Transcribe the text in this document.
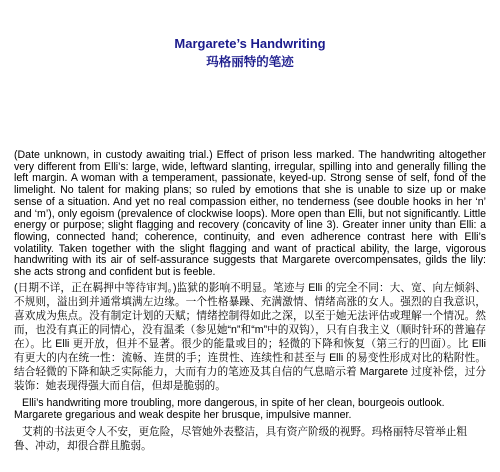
Margarete’s Handwriting
玛格丽特的笔迹

(Date unknown, in custody awaiting trial.) Effect of prison less marked. The handwriting altogether very different from Elli’s: large, wide, leftward slanting, irregular, spilling into and generally filling the left margin. A woman with a temperament, passionate, keyed-up. Strong sense of self, fond of the limelight. No talent for making plans; so ruled by emotions that she is unable to size up or make sense of a situation. And yet no real compassion either, no tenderness (see double hooks in her ‘n’ and ‘m’), only egoism (prevalence of clockwise loops). More open than Elli, but not significantly. Little energy or purpose; slight flagging and recovery (concavity of line 3). Greater inner unity than Elli: a flowing, connected hand; coherence, continuity, and even adherence contrast here with Elli’s volatility. Taken together with the slight flagging and want of practical ability, the large, vigorous handwriting with its air of self-assurance suggests that Margarete overcompensates, gilds the lily: she acts strong and confident but is feeble.

(日期不详，正在羁押中等待审判。)监狱的影响不明显。笔迹与 Elli 的完全不同：大、宽、向左倾斜、不规则，溢出到并通常填满左边缘。一个性格暴躁、充满激情、情绪高涨的女人。强烈的自我意识，喜欢成为焦点。没有制定计划的天赋；情绪控制得如此之深，以至于她无法评估或理解一个情况。然而，也没有真正的同情心，没有温柔（参见她“n”和“m”中的双钩），只有自我主义（顺时针环的普遍存在）。比 Elli 更开放，但并不显著。很少的能量或目的；轻微的下降和恢复（第三行的凹面）。比 Elli 有更大的内在统一性：流畅、连贯的手；连贯性、连续性和甚至与 Elli 的易变性形成对比的粘附性。结合轻微的下降和缺乏实际能力，大而有力的笔迹及其自信的气息暗示着 Margarete 过度补偿，过分装饰：她表现得强大而自信，但却是脆弱的。

Elli’s handwriting more troubling, more dangerous, in spite of her clean, bourgeois outlook. Margarete gregarious and weak despite her brusque, impulsive manner.

艾莉的书法更令人不安，更危险，尽管她外表整洁，具有资产阶级的视野。玛格丽特尽管举止粗鲁、冲动，却很合群且脆弱。
